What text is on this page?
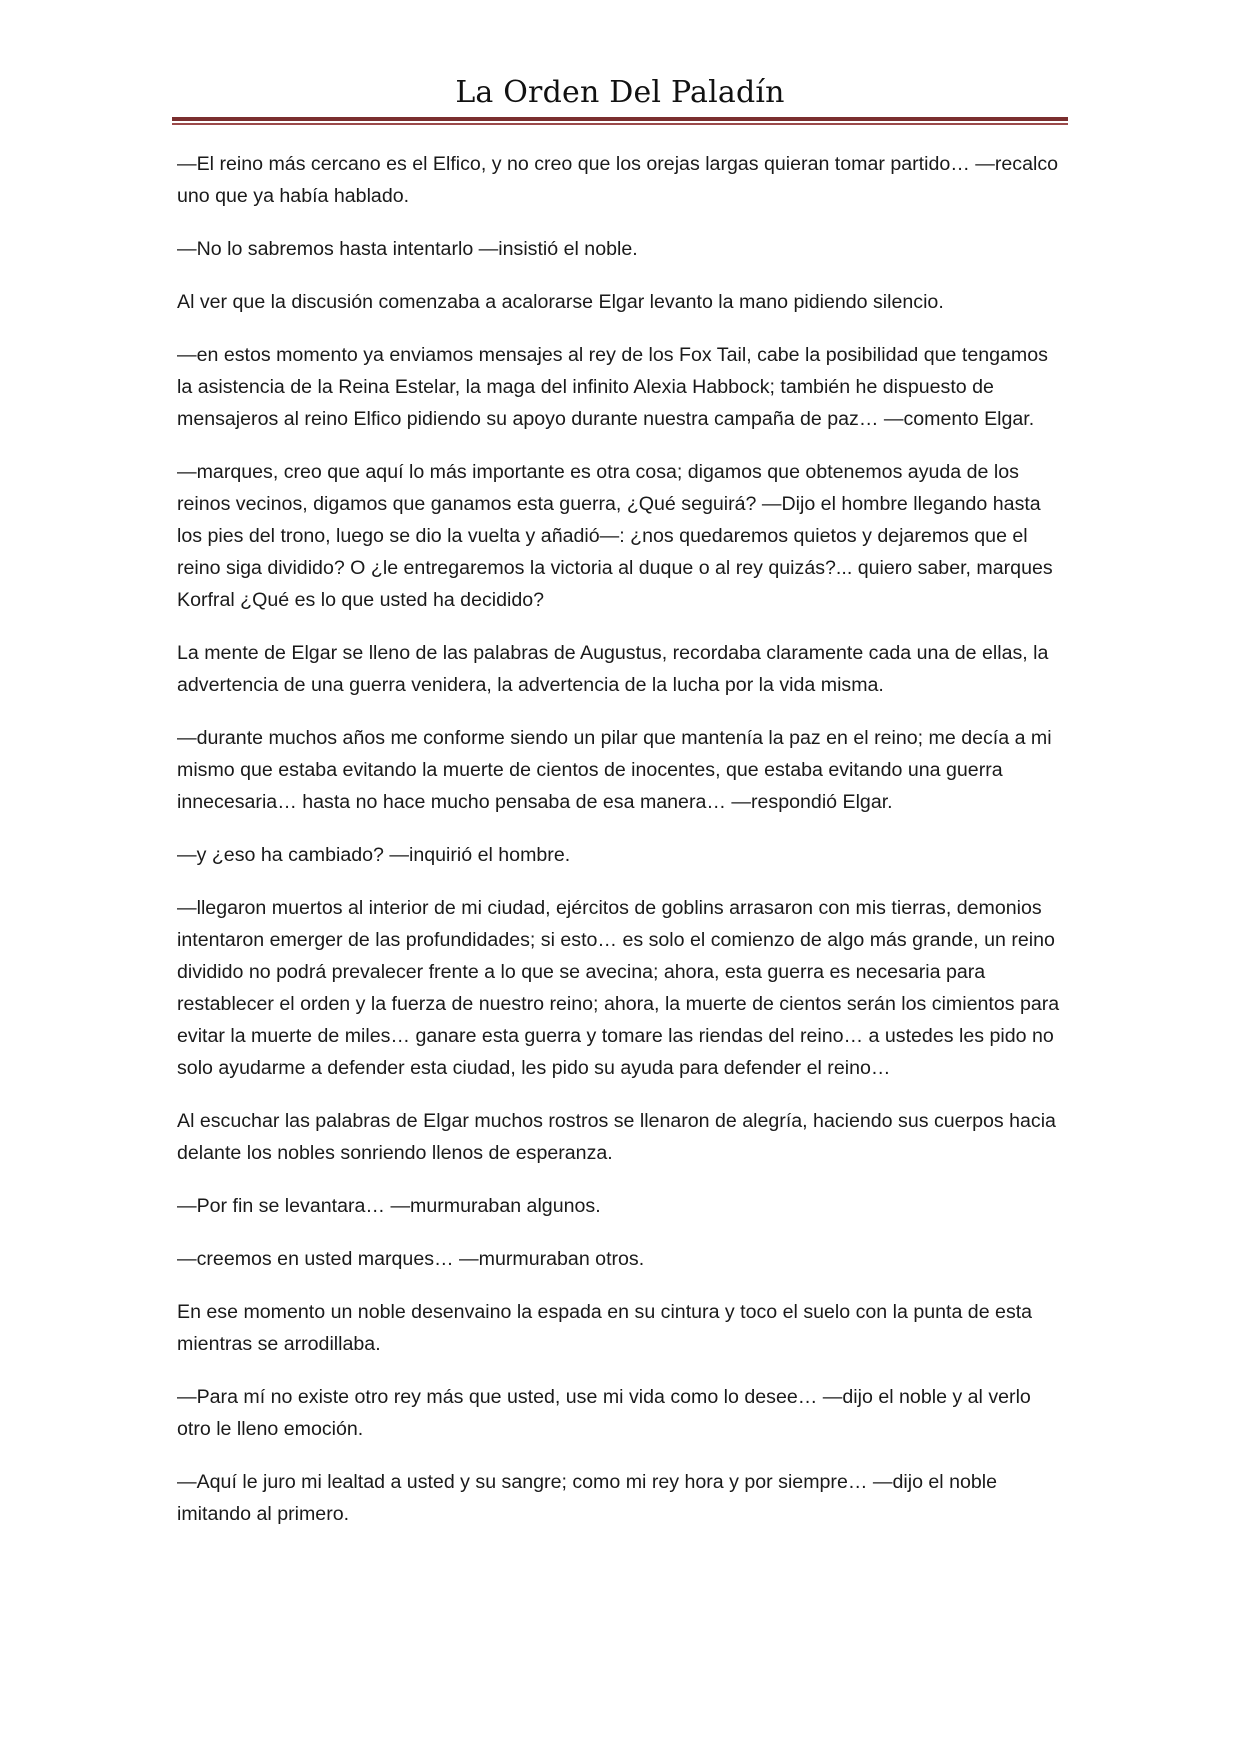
La Orden Del Paladín

—El reino más cercano es el Elfico, y no creo que los orejas largas quieran tomar partido… —recalco uno que ya había hablado.

—No lo sabremos hasta intentarlo —insistió el noble.

Al ver que la discusión comenzaba a acalorarse Elgar levanto la mano pidiendo silencio.

—en estos momento ya enviamos mensajes al rey de los Fox Tail, cabe la posibilidad que tengamos la asistencia de la Reina Estelar, la maga del infinito Alexia Habbock; también he dispuesto de mensajeros al reino Elfico pidiendo su apoyo durante nuestra campaña de paz… —comento Elgar.

—marques, creo que aquí lo más importante es otra cosa; digamos que obtenemos ayuda de los reinos vecinos, digamos que ganamos esta guerra, ¿Qué seguirá? —Dijo el hombre llegando hasta los pies del trono, luego se dio la vuelta y añadió—: ¿nos quedaremos quietos y dejaremos que el reino siga dividido? O ¿le entregaremos la victoria al duque o al rey quizás?... quiero saber, marques Korfral ¿Qué es lo que usted ha decidido?

La mente de Elgar se lleno de las palabras de Augustus, recordaba claramente cada una de ellas, la advertencia de una guerra venidera, la advertencia de la lucha por la vida misma.

—durante muchos años me conforme siendo un pilar que mantenía la paz en el reino; me decía a mi mismo que estaba evitando la muerte de cientos de inocentes, que estaba evitando una guerra innecesaria… hasta no hace mucho pensaba de esa manera… —respondió Elgar.

—y ¿eso ha cambiado? —inquirió el hombre.

—llegaron muertos al interior de mi ciudad, ejércitos de goblins arrasaron con mis tierras, demonios intentaron emerger de las profundidades; si esto… es solo el comienzo de algo más grande, un reino dividido no podrá prevalecer frente a lo que se avecina; ahora, esta guerra es necesaria para restablecer el orden y la fuerza de nuestro reino; ahora, la muerte de cientos serán los cimientos para evitar la muerte de miles… ganare esta guerra y tomare las riendas del reino… a ustedes les pido no solo ayudarme a defender esta ciudad, les pido su ayuda para defender el reino…

Al escuchar las palabras de Elgar muchos rostros se llenaron de alegría, haciendo sus cuerpos hacia delante los nobles sonriendo llenos de esperanza.

—Por fin se levantara… —murmuraban algunos.

—creemos en usted marques… —murmuraban otros.

En ese momento un noble desenvaino la espada en su cintura y toco el suelo con la punta de esta mientras se arrodillaba.

—Para mí no existe otro rey más que usted, use mi vida como lo desee… —dijo el noble y al verlo otro le lleno emoción.

—Aquí le juro mi lealtad a usted y su sangre; como mi rey hora y por siempre… —dijo el noble imitando al primero.
